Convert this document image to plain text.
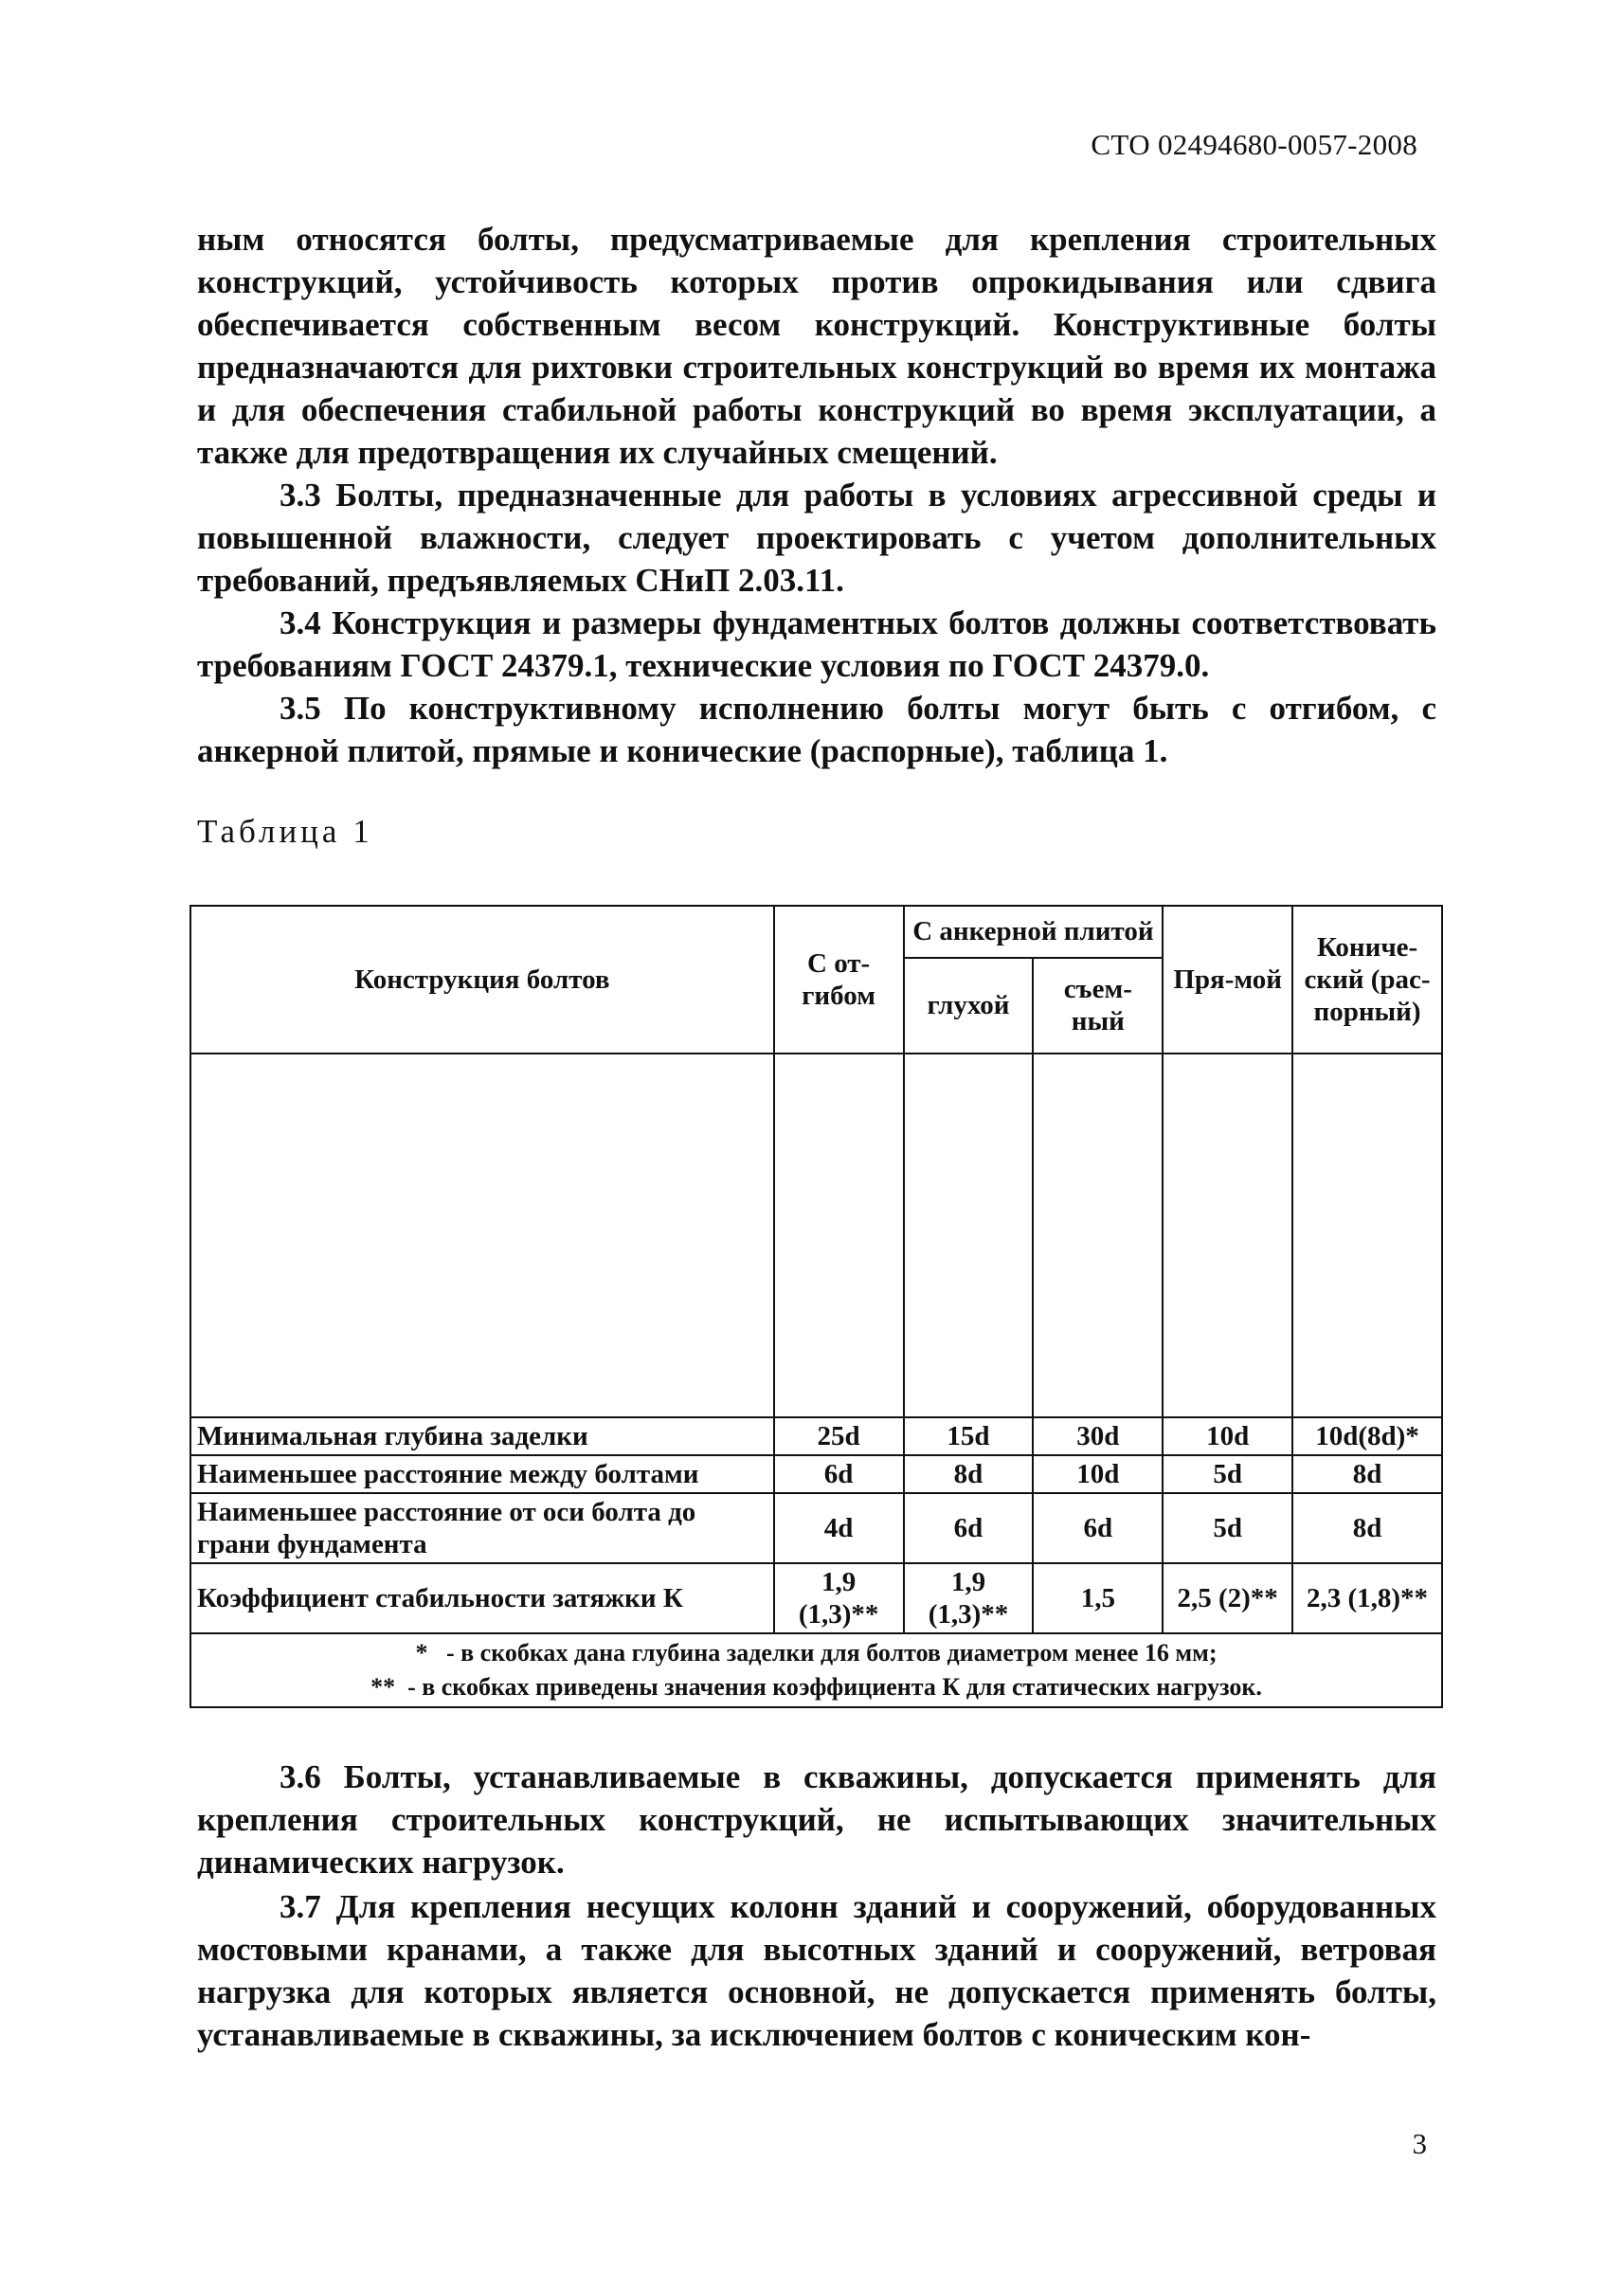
СТО 02494680-0057-2008

ным относятся болты, предусматриваемые для крепления строительных конструкций, устойчивость которых против опрокидывания или сдвига обеспечивается собственным весом конструкций. Конструктивные болты предназначаются для рихтовки строительных конструкций во время их монтажа и для обеспечения стабильной работы конструкций во время эксплуатации, а также для предотвращения их случайных смещений.

3.3 Болты, предназначенные для работы в условиях агрессивной среды и повышенной влажности, следует проектировать с учетом дополнительных требований, предъявляемых СНиП 2.03.11.

3.4 Конструкция и размеры фундаментных болтов должны соответствовать требованиям ГОСТ 24379.1, технические условия по ГОСТ 24379.0.

3.5 По конструктивному исполнению болты могут быть с отгибом, с анкерной плитой, прямые и конические (распорные), таблица 1.

Таблица 1
Конструкция болтов	С от-гибом	С анкерной плитой		Пря-мой	Кониче-ский (рас-порный)
		глухой	съем-ный		

Минимальная глубина заделки	25d	15d	30d	10d	10d(8d)*
Наименьшее расстояние между болтами	6d	8d	10d	5d	8d
Наименьшее расстояние от оси болта до грани фундамента	4d	6d	6d	5d	8d
Коэффициент стабильности затяжки К	1,9 (1,3)**	1,9 (1,3)**	1,5	2,5 (2)**	2,3 (1,8)**

*   - в скобках дана глубина заделки для болтов диаметром менее 16 мм;
**  - в скобках приведены значения коэффициента К для статических нагрузок.					

3.6 Болты, устанавливаемые в скважины, допускается применять для крепления строительных конструкций, не испытывающих значительных динамических нагрузок.

3.7 Для крепления несущих колонн зданий и сооружений, оборудованных мостовыми кранами, а также для высотных зданий и сооружений, ветровая нагрузка для которых является основной, не допускается применять болты, устанавливаемые в скважины, за исключением болтов с коническим кон-

3
